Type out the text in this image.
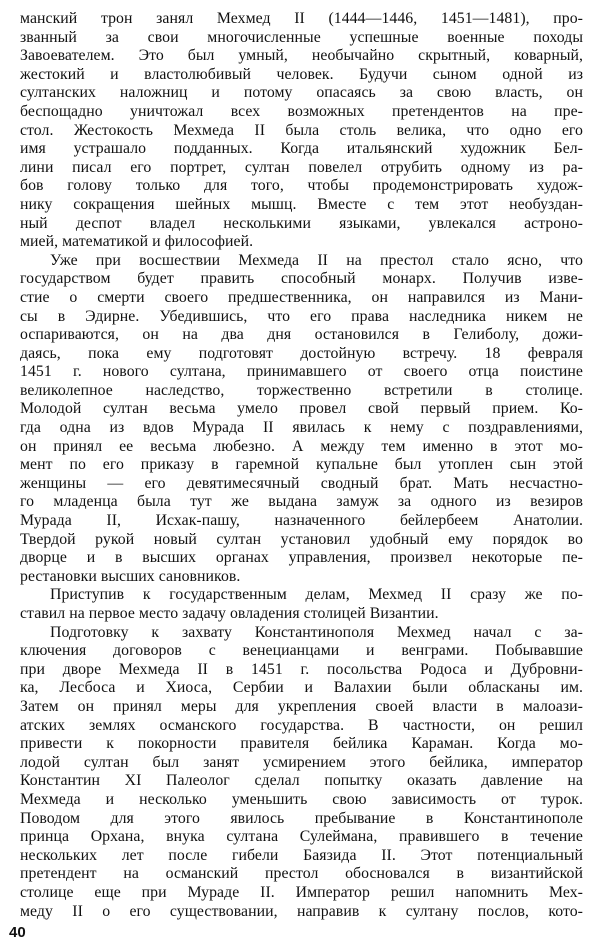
манский трон занял Мехмед II (1444—1446, 1451—1481), про-
званный за свои многочисленные успешные военные походы
Завоевателем. Это был умный, необычайно скрытный, коварный,
жестокий и властолюбивый человек. Будучи сыном одной из
султанских наложниц и потому опасаясь за свою власть, он
беспощадно уничтожал всех возможных претендентов на пре-
стол. Жестокость Мехмеда II была столь велика, что одно его
имя устрашало подданных. Когда итальянский художник Бел-
лини писал его портрет, султан повелел отрубить одному из ра-
бов голову только для того, чтобы продемонстрировать худож-
нику сокращения шейных мышц. Вместе с тем этот необуздан-
ный деспот владел несколькими языками, увлекался астроно-
мией, математикой и философией.
Уже при восшествии Мехмеда II на престол стало ясно, что
государством будет править способный монарх. Получив изве-
стие о смерти своего предшественника, он направился из Мани-
сы в Эдирне. Убедившись, что его права наследника никем не
оспариваются, он на два дня остановился в Гелиболу, дожи-
даясь, пока ему подготовят достойную встречу. 18 февраля
1451 г. нового султана, принимавшего от своего отца поистине
великолепное наследство, торжественно встретили в столице.
Молодой султан весьма умело провел свой первый прием. Ко-
гда одна из вдов Мурада II явилась к нему с поздравлениями,
он принял ее весьма любезно. А между тем именно в этот мо-
мент по его приказу в гаремной купальне был утоплен сын этой
женщины — его девятимесячный сводный брат. Мать несчастно-
го младенца была тут же выдана замуж за одного из везиров
Мурада II, Исхак-пашу, назначенного бейлербеем Анатолии.
Твердой рукой новый султан установил удобный ему порядок во
дворце и в высших органах управления, произвел некоторые пе-
рестановки высших сановников.
Приступив к государственным делам, Мехмед II сразу же по-
ставил на первое место задачу овладения столицей Византии.
Подготовку к захвату Константинополя Мехмед начал с за-
ключения договоров с венецианцами и венграми. Побывавшие
при дворе Мехмеда II в 1451 г. посольства Родоса и Дубровни-
ка, Лесбоса и Хиоса, Сербии и Валахии были обласканы им.
Затем он принял меры для укрепления своей власти в малоази-
атских землях османского государства. В частности, он решил
привести к покорности правителя бейлика Караман. Когда мо-
лодой султан был занят усмирением этого бейлика, император
Константин XI Палеолог сделал попытку оказать давление на
Мехмеда и несколько уменьшить свою зависимость от турок.
Поводом для этого явилось пребывание в Константинополе
принца Орхана, внука султана Сулеймана, правившего в течение
нескольких лет после гибели Баязида II. Этот потенциальный
претендент на османский престол обосновался в византийской
столице еще при Мураде II. Император решил напомнить Мех-
меду II о его существовании, направив к султану послов, кото-
40
